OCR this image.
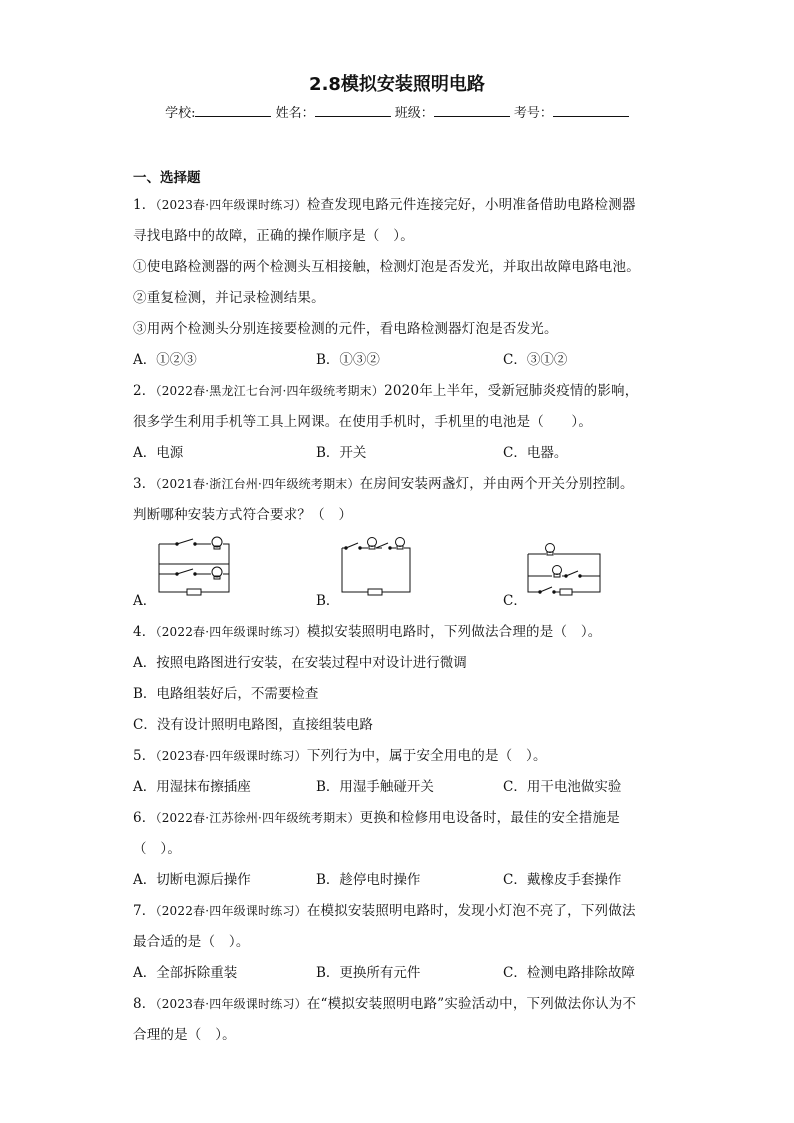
2.8模拟安装照明电路
学校:	姓名：	班级：	考号：
一、选择题
1．（2023春·四年级课时练习）检查发现电路元件连接完好，小明准备借助电路检测器
寻找电路中的故障，正确的操作顺序是（　）。
①使电路检测器的两个检测头互相接触，检测灯泡是否发光，并取出故障电路电池。
②重复检测，并记录检测结果。
③用两个检测头分别连接要检测的元件，看电路检测器灯泡是否发光。
A．①②③	B．①③②	C．③①②
2．（2022春·黑龙江七台河·四年级统考期末）2020年上半年，受新冠肺炎疫情的影响，
很多学生利用手机等工具上网课。在使用手机时，手机里的电池是（　　）。
A．电源	B．开关	C．电器。
3．（2021春·浙江台州·四年级统考期末）在房间安装两盏灯，并由两个开关分别控制。
判断哪种安装方式符合要求？（　）
A．	B．	C．
4．（2022春·四年级课时练习）模拟安装照明电路时，下列做法合理的是（　）。
A．按照电路图进行安装，在安装过程中对设计进行微调
B．电路组装好后，不需要检查
C．没有设计照明电路图，直接组装电路
5．（2023春·四年级课时练习）下列行为中，属于安全用电的是（　）。
A．用湿抹布擦插座	B．用湿手触碰开关	C．用干电池做实验
6．（2022春·江苏徐州·四年级统考期末）更换和检修用电设备时，最佳的安全措施是
（　）。
A．切断电源后操作	B．趁停电时操作	C．戴橡皮手套操作
7．（2022春·四年级课时练习）在模拟安装照明电路时，发现小灯泡不亮了，下列做法
最合适的是（　）。
A．全部拆除重装	B．更换所有元件	C．检测电路排除故障
8．（2023春·四年级课时练习）在“模拟安装照明电路”实验活动中，下列做法你认为不
合理的是（　）。
